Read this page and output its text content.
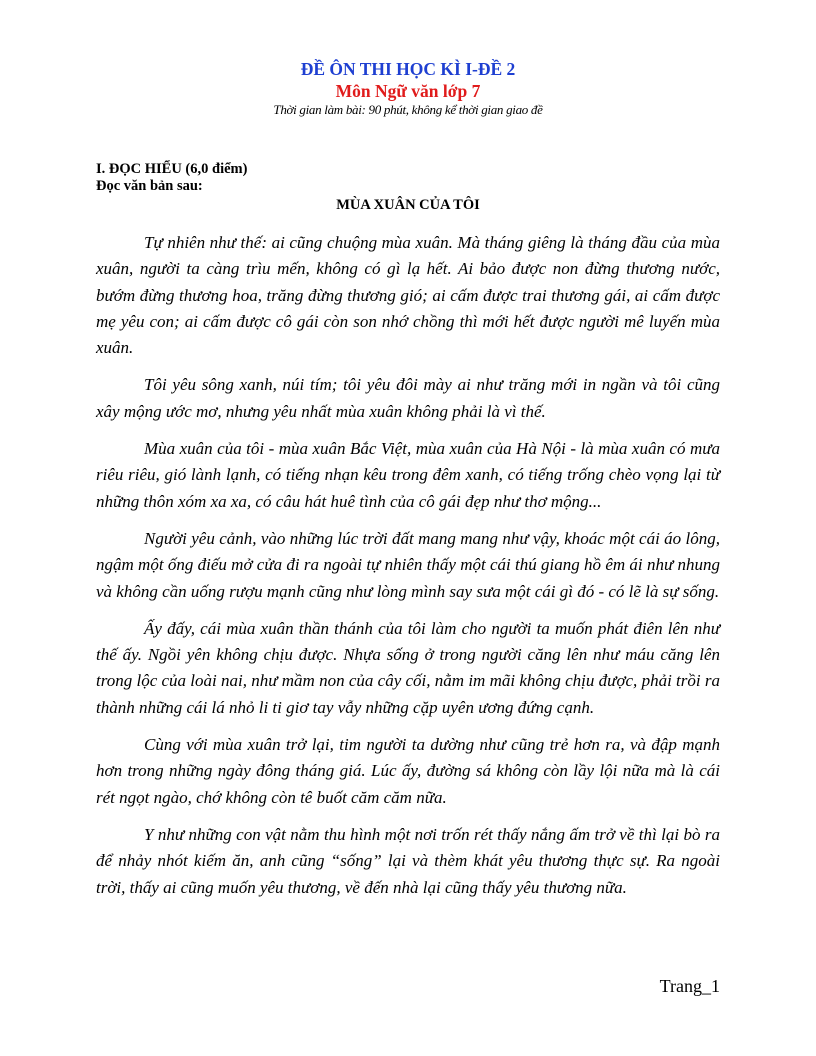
ĐỀ ÔN THI HỌC KÌ I-ĐỀ 2

Môn Ngữ văn lớp 7

Thời gian làm bài: 90 phút, không kể thời gian giao đề

I. ĐỌC HIỂU (6,0 điểm)
Đọc văn bản sau:
MÙA XUÂN CỦA TÔI

Tự nhiên như thế: ai cũng chuộng mùa xuân. Mà tháng giêng là tháng đầu của mùa xuân, người ta càng trìu mến, không có gì lạ hết. Ai bảo được non đừng thương nước, bướm đừng thương hoa, trăng đừng thương gió; ai cấm được trai thương gái, ai cấm được mẹ yêu con; ai cấm được cô gái còn son nhớ chồng thì mới hết được người mê luyến mùa xuân.

Tôi yêu sông xanh, núi tím; tôi yêu đôi mày ai như trăng mới in ngần và tôi cũng xây mộng ước mơ, nhưng yêu nhất mùa xuân không phải là vì thế.

Mùa xuân của tôi - mùa xuân Bắc Việt, mùa xuân của Hà Nội - là mùa xuân có mưa riêu riêu, gió lành lạnh, có tiếng nhạn kêu trong đêm xanh, có tiếng trống chèo vọng lại từ những thôn xóm xa xa, có câu hát huê tình của cô gái đẹp như thơ mộng...

Người yêu cảnh, vào những lúc trời đất mang mang như vậy, khoác một cái áo lông, ngậm một ống điếu mở cửa đi ra ngoài tự nhiên thấy một cái thú giang hồ êm ái như nhung và không cần uống rượu mạnh cũng như lòng mình say sưa một cái gì đó - có lẽ là sự sống.

Ấy đấy, cái mùa xuân thần thánh của tôi làm cho người ta muốn phát điên lên như thế ấy. Ngồi yên không chịu được. Nhựa sống ở trong người căng lên như máu căng lên trong lộc của loài nai, như mầm non của cây cối, nằm im mãi không chịu được, phải trồi ra thành những cái lá nhỏ li ti giơ tay vẫy những cặp uyên ương đứng cạnh.

Cùng với mùa xuân trở lại, tim người ta dường như cũng trẻ hơn ra, và đập mạnh hơn trong những ngày đông tháng giá. Lúc ấy, đường sá không còn lầy lội nữa mà là cái rét ngọt ngào, chớ không còn tê buốt căm căm nữa.

Y như những con vật nằm thu hình một nơi trốn rét thấy nắng ấm trở về thì lại bò ra để nhảy nhót kiếm ăn, anh cũng “sống” lại và thèm khát yêu thương thực sự. Ra ngoài trời, thấy ai cũng muốn yêu thương, về đến nhà lại cũng thấy yêu thương nữa.

Trang_1
